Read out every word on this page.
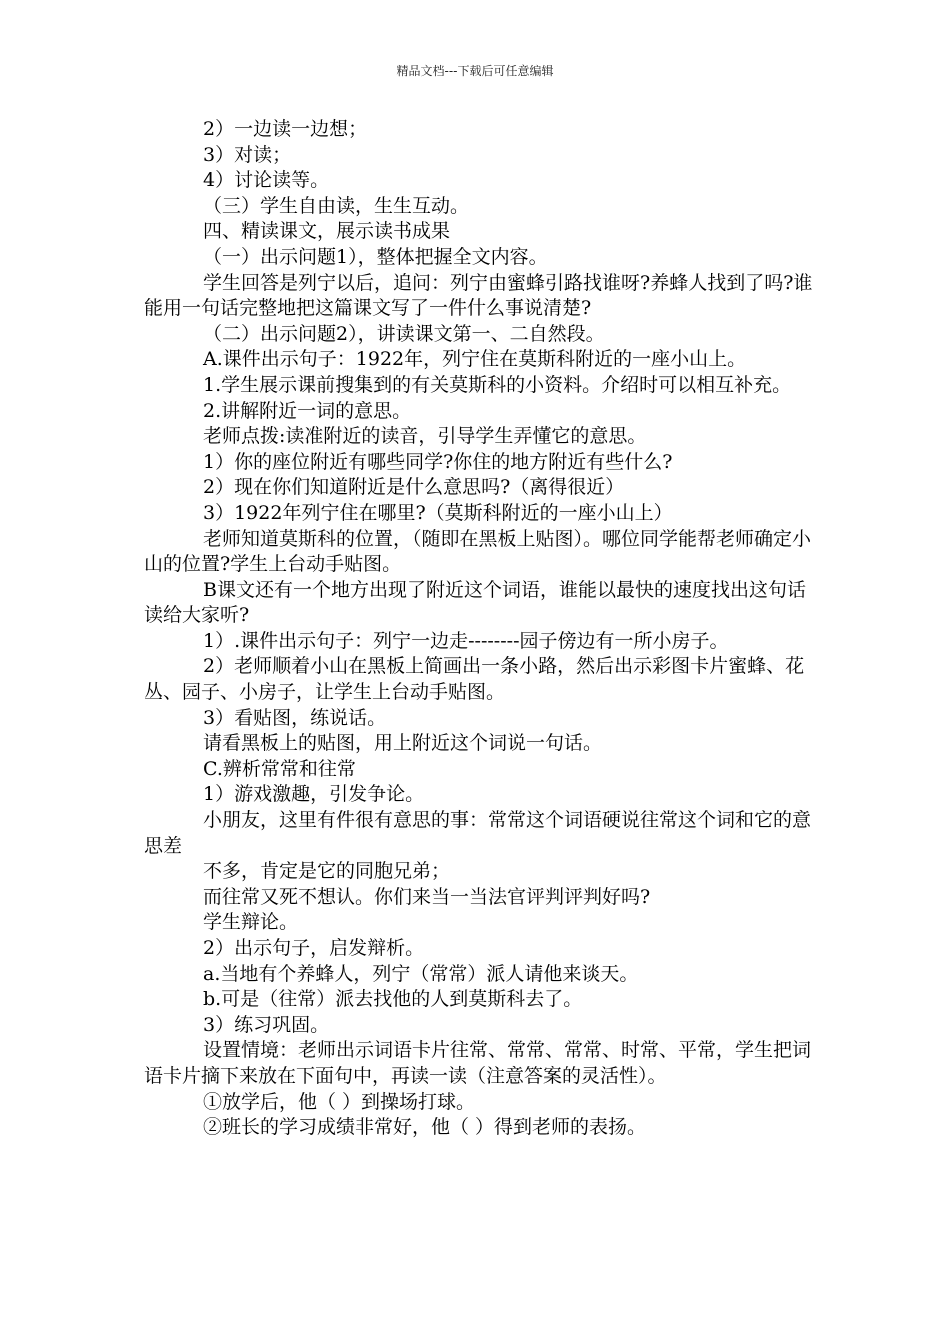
精品文档---下载后可任意编辑

2）一边读一边想；

3）对读；

4）讨论读等。

（三）学生自由读，生生互动。

四、精读课文，展示读书成果

（一）出示问题1），整体把握全文内容。

学生回答是列宁以后，追问：列宁由蜜蜂引路找谁呀?养蜂人找到了吗?谁能用一句话完整地把这篇课文写了一件什么事说清楚?

（二）出示问题2），讲读课文第一、二自然段。

A.课件出示句子：1922年，列宁住在莫斯科附近的一座小山上。

1.学生展示课前搜集到的有关莫斯科的小资料。介绍时可以相互补充。

2.讲解附近一词的意思。

老师点拨:读准附近的读音，引导学生弄懂它的意思。

1）你的座位附近有哪些同学?你住的地方附近有些什么?

2）现在你们知道附近是什么意思吗?（离得很近）

3）1922年列宁住在哪里?（莫斯科附近的一座小山上）

老师知道莫斯科的位置，（随即在黑板上贴图）。哪位同学能帮老师确定小山的位置?学生上台动手贴图。

B课文还有一个地方出现了附近这个词语，谁能以最快的速度找出这句话读给大家听?

1）.课件出示句子：列宁一边走--------园子傍边有一所小房子。

2）老师顺着小山在黑板上简画出一条小路，然后出示彩图卡片蜜蜂、花丛、园子、小房子，让学生上台动手贴图。

3）看贴图，练说话。

请看黑板上的贴图，用上附近这个词说一句话。

C.辨析常常和往常

1）游戏激趣，引发争论。

小朋友，这里有件很有意思的事：常常这个词语硬说往常这个词和它的意思差

不多，肯定是它的同胞兄弟；

而往常又死不想认。你们来当一当法官评判评判好吗?

学生辩论。

2）出示句子，启发辩析。

a.当地有个养蜂人，列宁（常常）派人请他来谈天。

b.可是（往常）派去找他的人到莫斯科去了。

3）练习巩固。

设置情境：老师出示词语卡片往常、常常、常常、时常、平常，学生把词语卡片摘下来放在下面句中，再读一读（注意答案的灵活性）。

①放学后，他（ ）到操场打球。

②班长的学习成绩非常好，他（ ）得到老师的表扬。
